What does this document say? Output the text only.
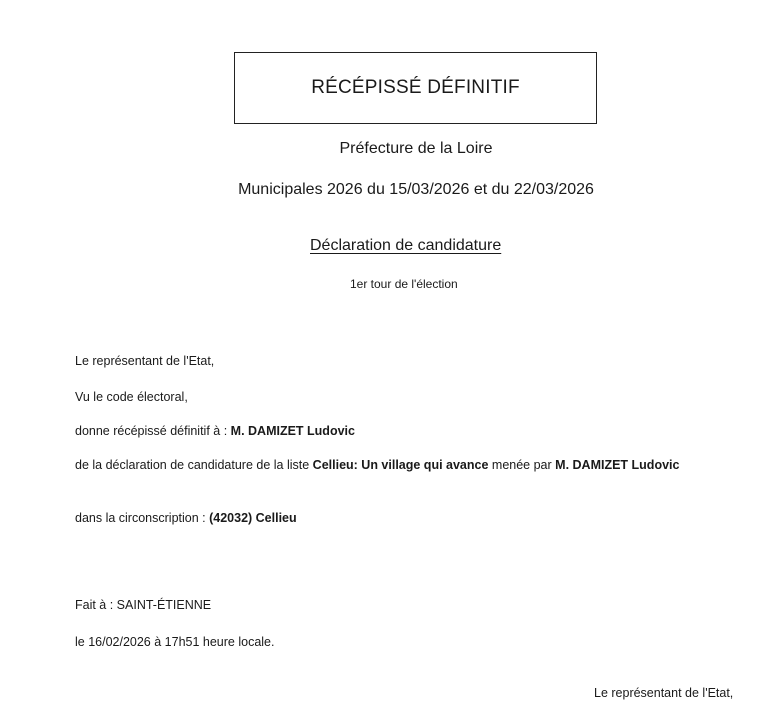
RÉCÉPISSÉ DÉFINITIF
Préfecture de la Loire
Municipales 2026 du 15/03/2026 et du 22/03/2026
Déclaration de candidature
1er tour de l'élection
Le représentant de l'Etat,
Vu le code électoral,
donne récépissé définitif à : M. DAMIZET Ludovic
de la déclaration de candidature de la liste Cellieu: Un village qui avance menée par M. DAMIZET Ludovic
dans la circonscription : (42032) Cellieu
Fait à : SAINT-ÉTIENNE
le 16/02/2026 à 17h51 heure locale.
Le représentant de l'Etat,
